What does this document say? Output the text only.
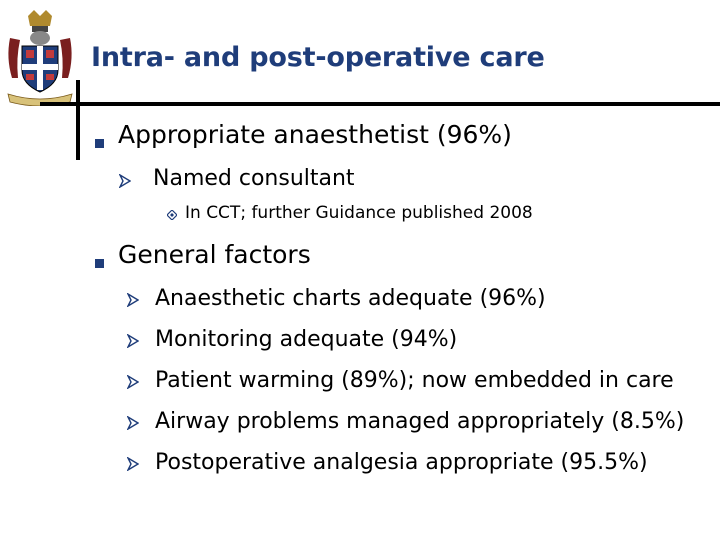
Intra- and post-operative care
Appropriate anaesthetist (96%)
Named consultant
In CCT; further Guidance published 2008
General factors
Anaesthetic charts adequate (96%)
Monitoring adequate (94%)
Patient warming (89%); now embedded in care
Airway problems managed appropriately (8.5%)
Postoperative analgesia appropriate (95.5%)
